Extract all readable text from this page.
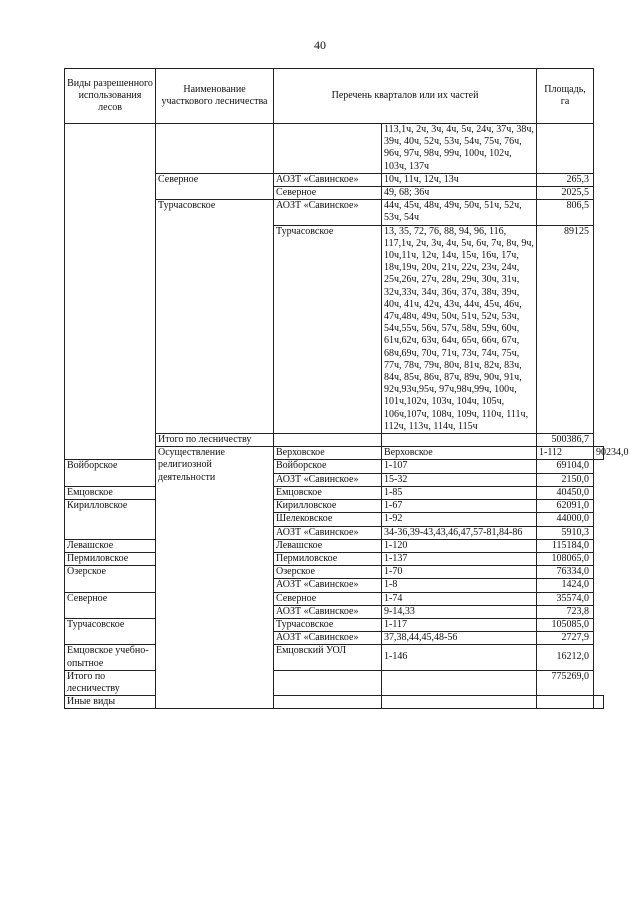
40
Виды разрешенного использования лесов	Наименование участкового лесничества	Перечень кварталов или их частей		Площадь, га	
			113,1ч, 2ч, 3ч, 4ч, 5ч, 24ч, 37ч, 38ч, 39ч, 40ч, 52ч, 53ч, 54ч, 75ч, 76ч, 96ч, 97ч, 98ч, 99ч, 100ч, 102ч, 103ч, 137ч		
	Северное	АОЗТ «Савинское»	10ч, 11ч, 12ч, 13ч	265,3	
		Северное	49, 68; 36ч	2025,5	
	Турчасовское	АОЗТ «Савинское»	44ч, 45ч, 48ч, 49ч, 50ч, 51ч, 52ч, 53ч, 54ч	806,5	
		Турчасовское	13, 35, 72, 76, 88, 94, 96, 116, 117,1ч, 2ч, 3ч, 4ч, 5ч, 6ч, 7ч, 8ч, 9ч, 10ч,11ч, 12ч, 14ч, 15ч, 16ч, 17ч, 18ч,19ч, 20ч, 21ч, 22ч, 23ч, 24ч, 25ч,26ч, 27ч, 28ч, 29ч, 30ч, 31ч, 32ч,33ч, 34ч, 36ч, 37ч, 38ч, 39ч, 40ч, 41ч, 42ч, 43ч, 44ч, 45ч, 46ч, 47ч,48ч, 49ч, 50ч, 51ч, 52ч, 53ч, 54ч,55ч, 56ч, 57ч, 58ч, 59ч, 60ч, 61ч,62ч, 63ч, 64ч, 65ч, 66ч, 67ч, 68ч,69ч, 70ч, 71ч, 73ч, 74ч, 75ч, 77ч, 78ч, 79ч, 80ч, 81ч, 82ч, 83ч, 84ч, 85ч, 86ч, 87ч, 89ч, 90ч, 91ч, 92ч,93ч,95ч, 97ч,98ч,99ч, 100ч, 101ч,102ч, 103ч, 104ч, 105ч, 106ч,107ч, 108ч, 109ч, 110ч, 111ч, 112ч, 113ч, 114ч, 115ч	89125	
	Итого по лесничеству			500386,7	
	Осуществление религиозной деятельности	Верховское	Верховское	1-112	90234,0
Войборское		Войборское	1-107	69104,0	
		АОЗТ «Савинское»	15-32	2150,0	
Емцовское		Емцовское	1-85	40450,0	
Кирилловское		Кирилловское	1-67	62091,0	
		Шелековское	1-92	44000,0	
		АОЗТ «Савинское»	34-36,39-43,43,46,47,57-81,84-86	5910,3	
Левашское		Левашское	1-120	115184,0	
Пермиловское		Пермиловское	1-137	108065,0	
Озерское		Озерское	1-70	76334,0	
		АОЗТ «Савинское»	1-8	1424,0	
Северное		Северное	1-74	35574,0	
		АОЗТ «Савинское»	9-14,33	723,8	
Турчасовское		Турчасовское	1-117	105085,0	
		АОЗТ «Савинское»	37,38,44,45,48-56	2727,9	
Емцовское учебно-опытное		Емцовский УОЛ	1-146	16212,0	
Итого по лесничеству				775269,0	
Иные виды					
